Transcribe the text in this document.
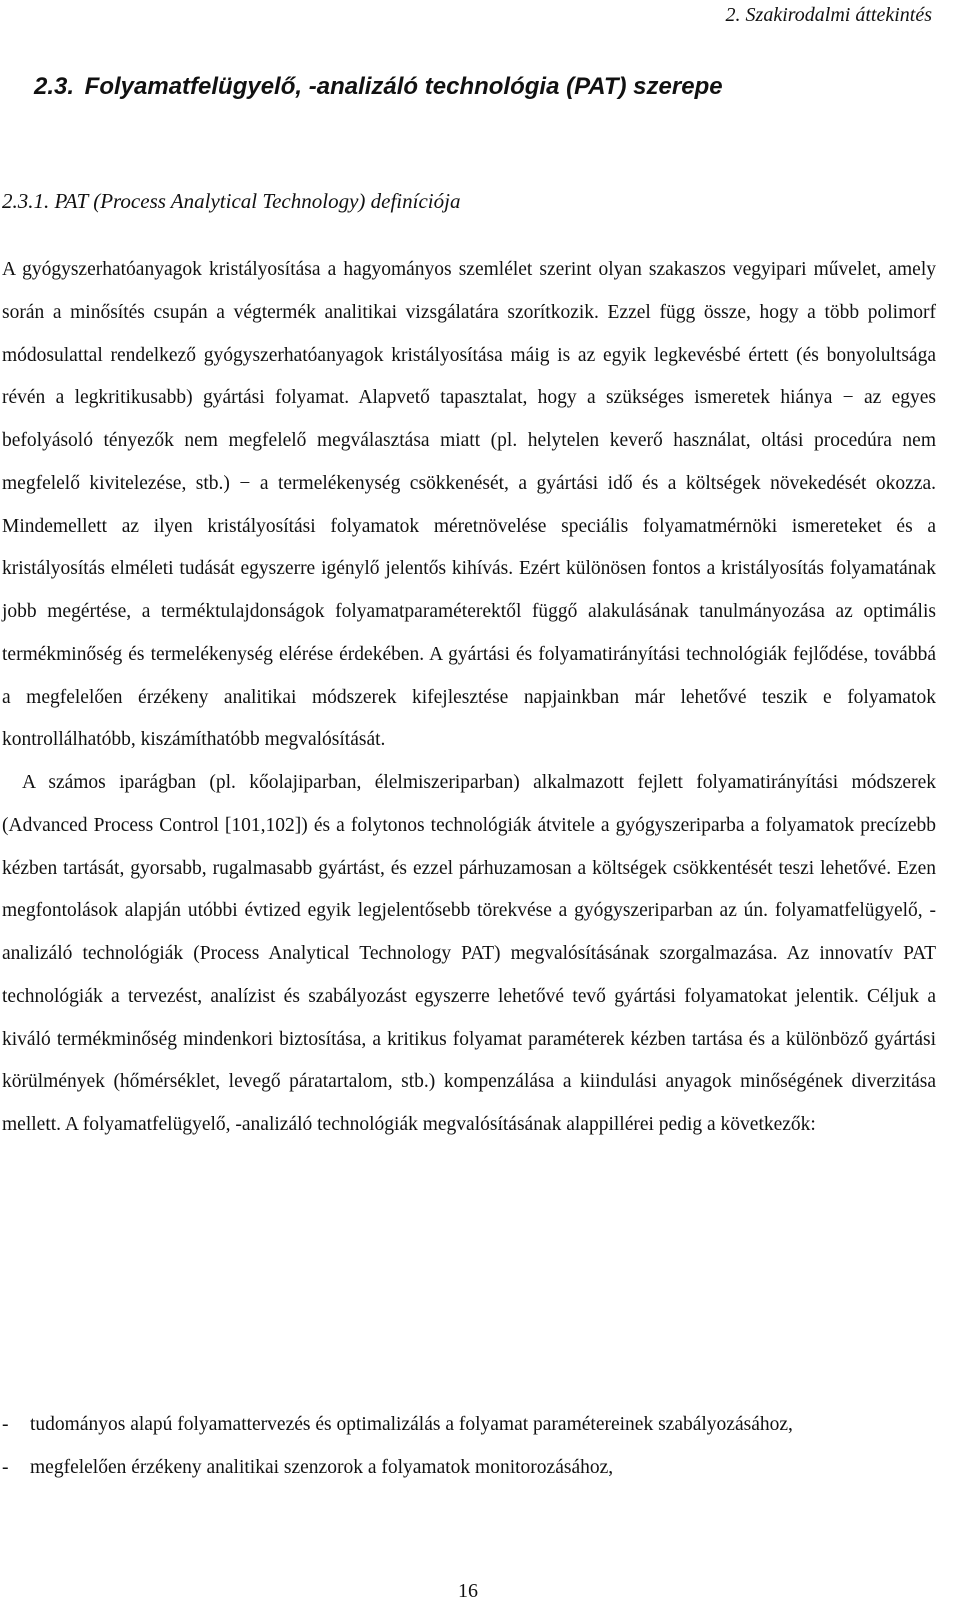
2. Szakirodalmi áttekintés
2.3. Folyamatfelügyelő, -analizáló technológia (PAT) szerepe
2.3.1. PAT (Process Analytical Technology) definíciója

A gyógyszerhatóanyagok kristályosítása a hagyományos szemlélet szerint olyan szakaszos vegyipari művelet, amely során a minősítés csupán a végtermék analitikai vizsgálatára szorítkozik. Ezzel függ össze, hogy a több polimorf módosulattal rendelkező gyógyszerhatóanyagok kristályosítása máig is az egyik legkevésbé értett (és bonyolultsága révén a legkritikusabb) gyártási folyamat. Alapvető tapasztalat, hogy a szükséges ismeretek hiánya − az egyes befolyásoló tényezők nem megfelelő megválasztása miatt (pl. helytelen keverő használat, oltási procedúra nem megfelelő kivitelezése, stb.) − a termelékenység csökkenését, a gyártási idő és a költségek növekedését okozza. Mindemellett az ilyen kristályosítási folyamatok méretnövelése speciális folyamatmérnöki ismereteket és a kristályosítás elméleti tudását egyszerre igénylő jelentős kihívás. Ezért különösen fontos a kristályosítás folyamatának jobb megértése, a terméktulajdonságok folyamatparaméterektől függő alakulásának tanulmányozása az optimális termékminőség és termelékenység elérése érdekében. A gyártási és folyamatirányítási technológiák fejlődése, továbbá a megfelelően érzékeny analitikai módszerek kifejlesztése napjainkban már lehetővé teszik e folyamatok kontrollálhatóbb, kiszámíthatóbb megvalósítását.

A számos iparágban (pl. kőolajiparban, élelmiszeriparban) alkalmazott fejlett folyamatirányítási módszerek (Advanced Process Control [101,102]) és a folytonos technológiák átvitele a gyógyszeriparba a folyamatok precízebb kézben tartását, gyorsabb, rugalmasabb gyártást, és ezzel párhuzamosan a költségek csökkentését teszi lehetővé. Ezen megfontolások alapján utóbbi évtized egyik legjelentősebb törekvése a gyógyszeriparban az ún. folyamatfelügyelő, -analizáló technológiák (Process Analytical Technology PAT) megvalósításának szorgalmazása. Az innovatív PAT technológiák a tervezést, analízist és szabályozást egyszerre lehetővé tevő gyártási folyamatokat jelentik. Céljuk a kiváló termékminőség mindenkori biztosítása, a kritikus folyamat paraméterek kézben tartása és a különböző gyártási körülmények (hőmérséklet, levegő páratartalom, stb.) kompenzálása a kiindulási anyagok minőségének diverzitása mellett. A folyamatfelügyelő, -analizáló technológiák megvalósításának alappillérei pedig a következők:

- tudományos alapú folyamattervezés és optimalizálás a folyamat paramétereinek szabályozásához,
- megfelelően érzékeny analitikai szenzorok a folyamatok monitorozásához,
16
